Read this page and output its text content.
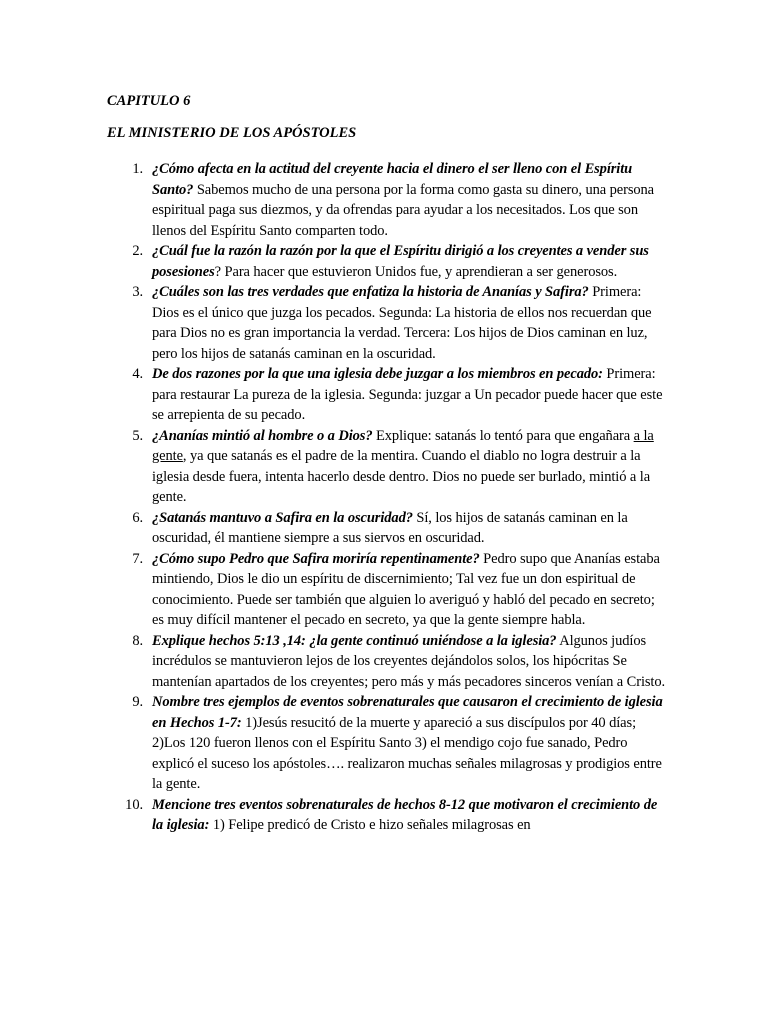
CAPITULO 6

EL MINISTERIO DE LOS APÓSTOLES

1. ¿Cómo afecta en la actitud del creyente hacia el dinero el ser lleno con el Espíritu Santo? Sabemos mucho de una persona por la forma como gasta su dinero, una persona espiritual paga sus diezmos, y da ofrendas para ayudar a los necesitados. Los que son llenos del Espíritu Santo comparten todo.
2. ¿Cuál fue la razón la razón por la que el Espíritu dirigió a los creyentes a vender sus posesiones? Para hacer que estuvieron Unidos fue, y aprendieran a ser generosos.
3. ¿Cuáles son las tres verdades que enfatiza la historia de Ananías y Safira? Primera: Dios es el único que juzga los pecados. Segunda: La historia de ellos nos recuerdan que para Dios no es gran importancia la verdad. Tercera: Los hijos de Dios caminan en luz, pero los hijos de satanás caminan en la oscuridad.
4. De dos razones por la que una iglesia debe juzgar a los miembros en pecado: Primera: para restaurar La pureza de la iglesia. Segunda: juzgar a Un pecador puede hacer que este se arrepienta de su pecado.
5. ¿Ananías mintió al hombre o a Dios? Explique: satanás lo tentó para que engañara a la gente, ya que satanás es el padre de la mentira. Cuando el diablo no logra destruir a la iglesia desde fuera, intenta hacerlo desde dentro. Dios no puede ser burlado, mintió a la gente.
6. ¿Satanás mantuvo a Safira en la oscuridad? Sí, los hijos de satanás caminan en la oscuridad, él mantiene siempre a sus siervos en oscuridad.
7. ¿Cómo supo Pedro que Safira moriría repentinamente? Pedro supo que Ananías estaba mintiendo, Dios le dio un espíritu de discernimiento; Tal vez fue un don espiritual de conocimiento. Puede ser también que alguien lo averiguó y habló del pecado en secreto; es muy difícil mantener el pecado en secreto, ya que la gente siempre habla.
8. Explique hechos 5:13 ,14: ¿la gente continuó uniéndose a la iglesia? Algunos judíos incrédulos se mantuvieron lejos de los creyentes dejándolos solos, los hipócritas Se mantenían apartados de los creyentes; pero más y más pecadores sinceros venían a Cristo.
9. Nombre tres ejemplos de eventos sobrenaturales que causaron el crecimiento de iglesia en Hechos 1-7: 1)Jesús resucitó de la muerte y apareció a sus discípulos por 40 días; 2)Los 120 fueron llenos con el Espíritu Santo 3) el mendigo cojo fue sanado, Pedro explicó el suceso los apóstoles…. realizaron muchas señales milagrosas y prodigios entre la gente.
10. Mencione tres eventos sobrenaturales de hechos 8-12 que motivaron el crecimiento de la iglesia: 1) Felipe predicó de Cristo e hizo señales milagrosas en
